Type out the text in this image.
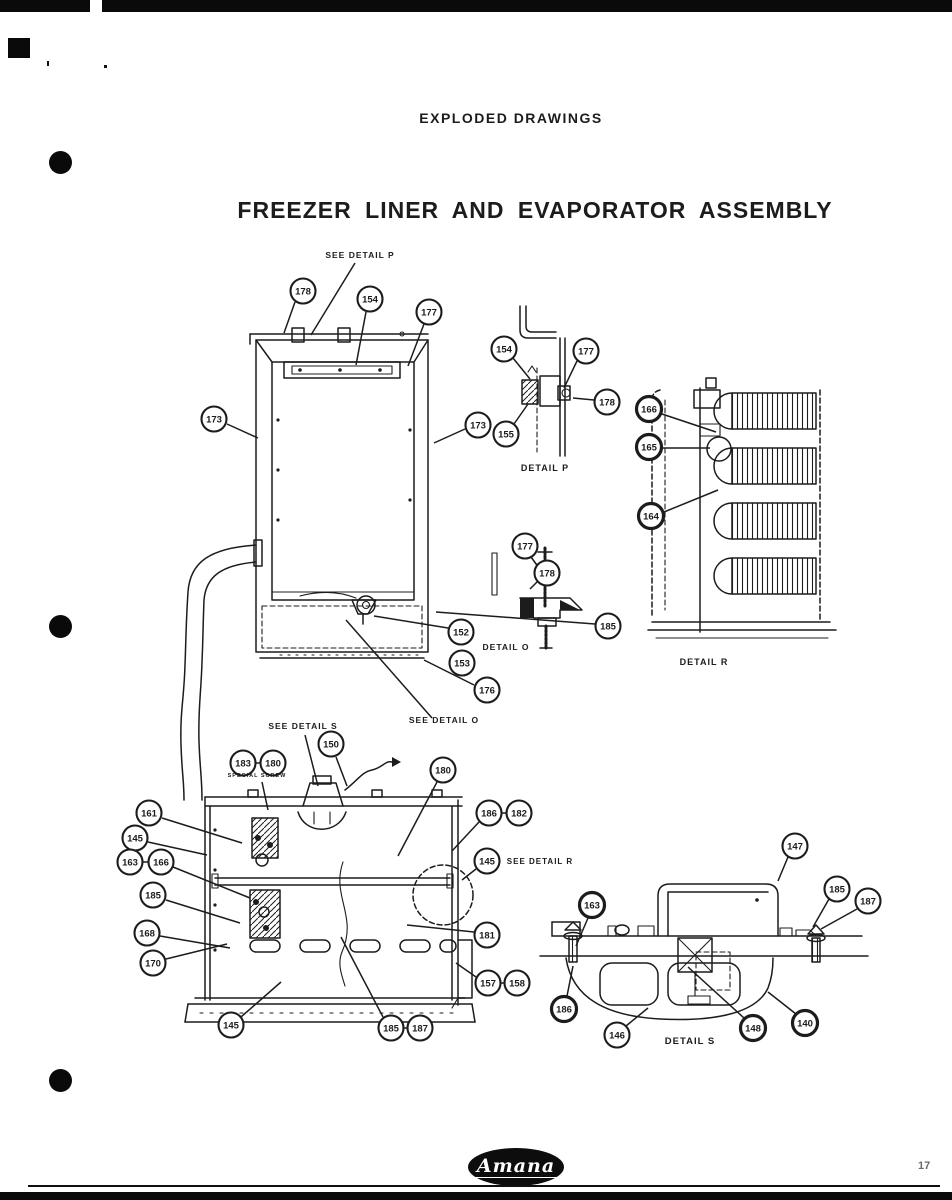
EXPLODED DRAWINGS
FREEZER LINER AND EVAPORATOR ASSEMBLY
178
154
177
173
173
152
153
176
154	177
178
155
177
178
185
166
165
164
150
183 180
180
161
145
163 166
185
168
170
145	185 187
157 158
186 182
145
181
147
185
187
163
186
146
148	140
SEE DETAIL P
DETAIL P
DETAIL O
SEE DETAIL O
DETAIL R
SEE DETAIL S
SPECIAL SCREW
SEE DETAIL R
DETAIL S
Amana	17
